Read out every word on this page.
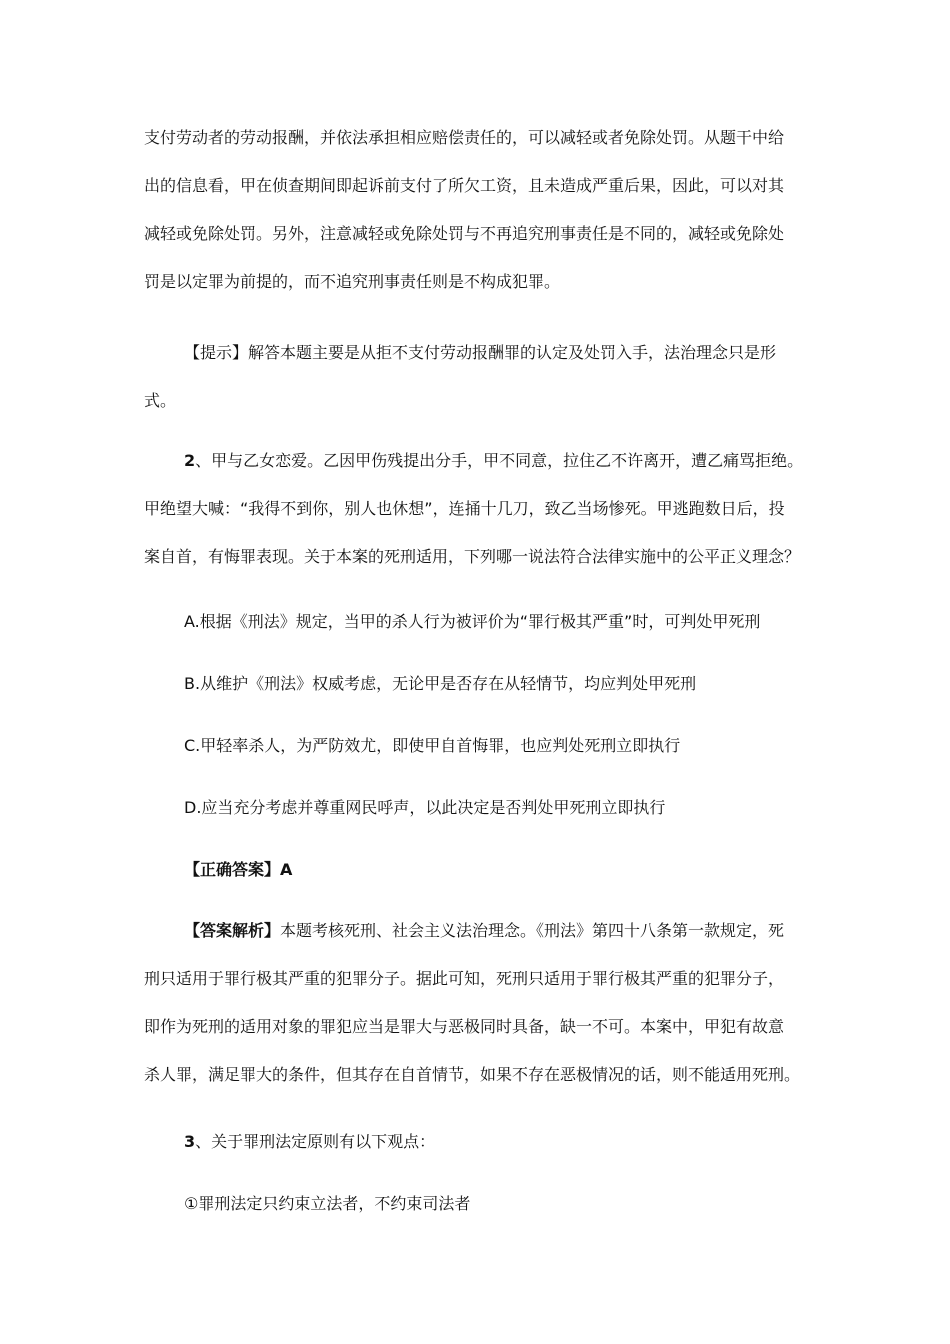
支付劳动者的劳动报酬，并依法承担相应赔偿责任的，可以减轻或者免除处罚。从题干中给
出的信息看，甲在侦查期间即起诉前支付了所欠工资，且未造成严重后果，因此，可以对其
减轻或免除处罚。另外，注意减轻或免除处罚与不再追究刑事责任是不同的，减轻或免除处
罚是以定罪为前提的，而不追究刑事责任则是不构成犯罪。
【提示】解答本题主要是从拒不支付劳动报酬罪的认定及处罚入手，法治理念只是形
式。
2、甲与乙女恋爱。乙因甲伤残提出分手，甲不同意，拉住乙不许离开，遭乙痛骂拒绝。
甲绝望大喊：“我得不到你，别人也休想”，连捅十几刀，致乙当场惨死。甲逃跑数日后，投
案自首，有悔罪表现。关于本案的死刑适用，下列哪一说法符合法律实施中的公平正义理念？

A.根据《刑法》规定，当甲的杀人行为被评价为“罪行极其严重”时，可判处甲死刑

B.从维护《刑法》权威考虑，无论甲是否存在从轻情节，均应判处甲死刑

C.甲轻率杀人，为严防效尤，即使甲自首悔罪，也应判处死刑立即执行

D.应当充分考虑并尊重网民呼声，以此决定是否判处甲死刑立即执行

【正确答案】A

【答案解析】本题考核死刑、社会主义法治理念。《刑法》第四十八条第一款规定，死
刑只适用于罪行极其严重的犯罪分子。据此可知，死刑只适用于罪行极其严重的犯罪分子，
即作为死刑的适用对象的罪犯应当是罪大与恶极同时具备，缺一不可。本案中，甲犯有故意
杀人罪，满足罪大的条件，但其存在自首情节，如果不存在恶极情况的话，则不能适用死刑。

3、关于罪刑法定原则有以下观点：

①罪刑法定只约束立法者，不约束司法者
